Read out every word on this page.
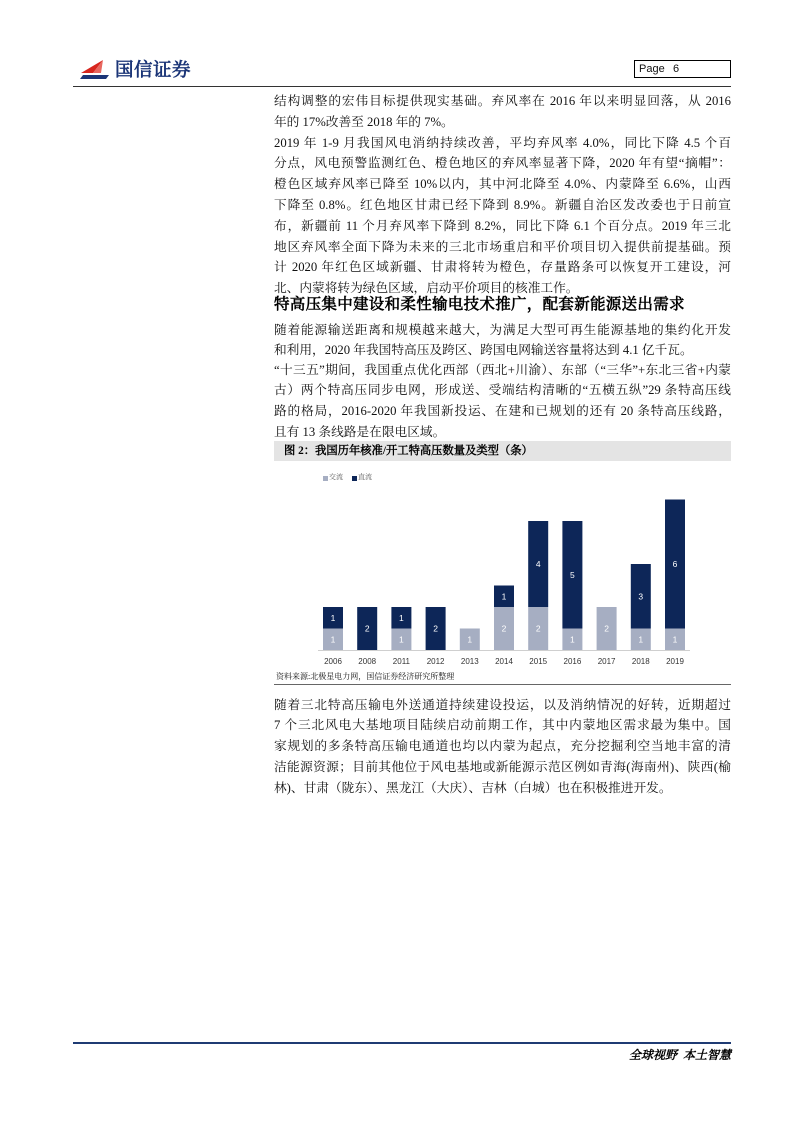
国信证券	Page 6
结构调整的宏伟目标提供现实基础。弃风率在 2016 年以来明显回落，从 2016
年的 17%改善至 2018 年的 7%。
2019 年 1-9 月我国风电消纳持续改善，平均弃风率 4.0%，同比下降 4.5 个百
分点，风电预警监测红色、橙色地区的弃风率显著下降，2020 年有望“摘帽”：
橙色区域弃风率已降至 10%以内，其中河北降至 4.0%、内蒙降至 6.6%，山西
下降至 0.8%。红色地区甘肃已经下降到 8.9%。新疆自治区发改委也于日前宣
布，新疆前 11 个月弃风率下降到 8.2%，同比下降 6.1 个百分点。2019 年三北
地区弃风率全面下降为未来的三北市场重启和平价项目切入提供前提基础。预
计 2020 年红色区域新疆、甘肃将转为橙色，存量路条可以恢复开工建设，河
北、内蒙将转为绿色区域，启动平价项目的核准工作。
特高压集中建设和柔性输电技术推广，配套新能源送出需求
随着能源输送距离和规模越来越大，为满足大型可再生能源基地的集约化开发
和利用，2020 年我国特高压及跨区、跨国电网输送容量将达到 4.1 亿千瓦。
“十三五”期间，我国重点优化西部（西北+川渝）、东部（“三华”+东北三省+内蒙
古）两个特高压同步电网，形成送、受端结构清晰的“五横五纵”29 条特高压线
路的格局，2016-2020 年我国新投运、在建和已规划的还有 20 条特高压线路，
且有 13 条线路是在限电区域。
图 2：我国历年核准/开工特高压数量及类型（条）
1
1
2006
2
2008
1
1
2011
2
2012
1
2013
2
1
2014
2
4
2015
1
5
2016
2
2017
1
3
2018
1
6
2019
交流 直流
资料来源:北极星电力网，国信证券经济研究所整理
随着三北特高压输电外送通道持续建设投运，以及消纳情况的好转，近期超过
7 个三北风电大基地项目陆续启动前期工作，其中内蒙地区需求最为集中。国
家规划的多条特高压输电通道也均以内蒙为起点，充分挖掘利空当地丰富的清
洁能源资源；目前其他位于风电基地或新能源示范区例如青海(海南州)、陕西(榆
林)、甘肃（陇东）、黑龙江（大庆）、吉林（白城）也在积极推进开发。
全球视野  本土智慧
